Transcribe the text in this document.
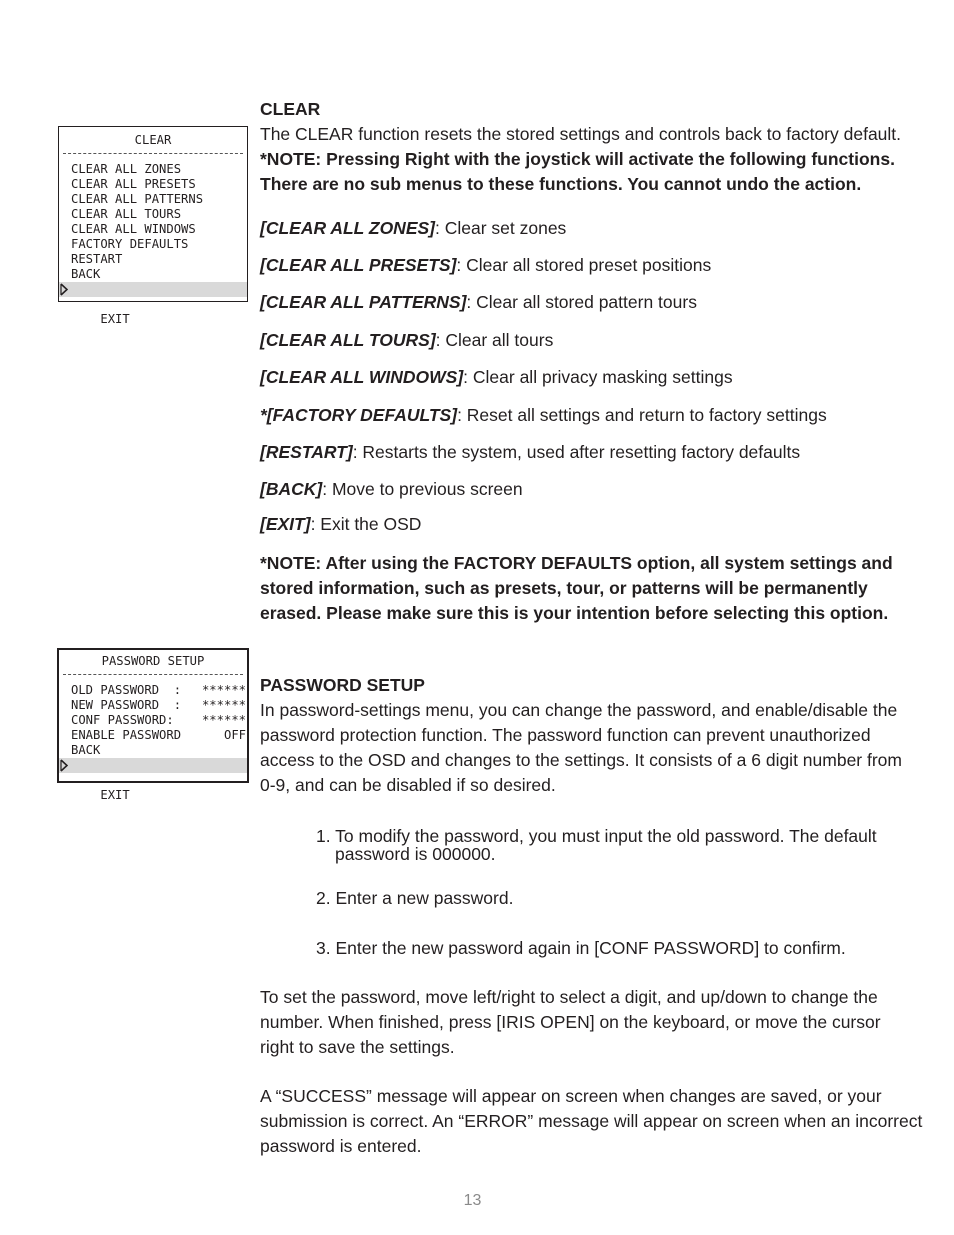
CLEAR
CLEAR ALL ZONES
CLEAR ALL PRESETS
CLEAR ALL PATTERNS
CLEAR ALL TOURS
CLEAR ALL WINDOWS
FACTORY DEFAULTS
RESTART
BACK

EXIT

CLEAR
The CLEAR function resets the stored settings and controls back to factory default.
*NOTE: Pressing Right with the joystick will activate the following functions.
There are no sub menus to these functions. You cannot undo the action.
[CLEAR ALL ZONES]: Clear set zones
[CLEAR ALL PRESETS]: Clear all stored preset positions
[CLEAR ALL PATTERNS]: Clear all stored pattern tours
[CLEAR ALL TOURS]: Clear all tours
[CLEAR ALL WINDOWS]: Clear all privacy masking settings
*[FACTORY DEFAULTS]: Reset all settings and return to factory settings
[RESTART]: Restarts the system, used after resetting factory defaults
[BACK]: Move to previous screen
[EXIT]: Exit the OSD
*NOTE: After using the FACTORY DEFAULTS option, all system settings and
stored information, such as presets, tour, or patterns will be permanently
erased. Please make sure this is your intention before selecting this option.
PASSWORD SETUP
OLD PASSWORD  : ******
NEW PASSWORD  : ******
CONF PASSWORD: ******
ENABLE PASSWORD	OFF
BACK

EXIT

PASSWORD SETUP
In password-settings menu, you can change the password, and enable/disable the
password protection function. The password function can prevent unauthorized
access to the OSD and changes to the settings. It consists of a 6 digit number from
0-9, and can be disabled if so desired.
1. To modify the password, you must input the old password. The default
password is 000000.
2. Enter a new password.
3. Enter the new password again in [CONF PASSWORD] to confirm.
To set the password, move left/right to select a digit, and up/down to change the
number. When finished, press [IRIS OPEN] on the keyboard, or move the cursor
right to save the settings.
A “SUCCESS” message will appear on screen when changes are saved, or your
submission is correct. An “ERROR” message will appear on screen when an incorrect
password is entered.
13
